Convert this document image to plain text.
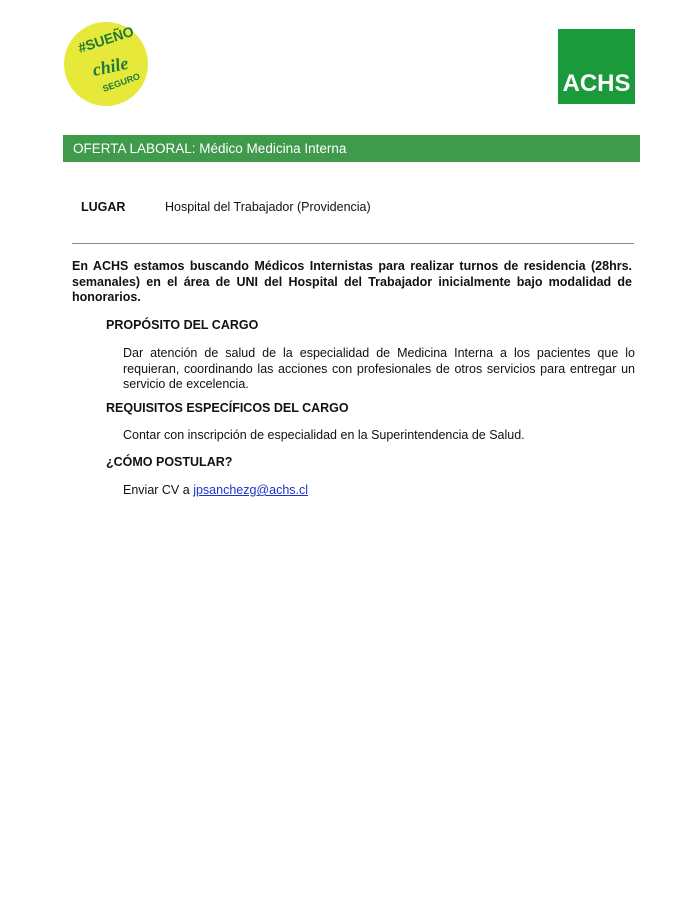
#SUEÑO
chile
SEGURO	ACHS
OFERTA LABORAL: Médico Medicina Interna
LUGAR	Hospital del Trabajador (Providencia)
En ACHS estamos buscando Médicos Internistas para realizar turnos de residencia (28hrs. semanales) en el área de UNI del Hospital del Trabajador inicialmente bajo modalidad de honorarios.
PROPÓSITO DEL CARGO
Dar atención de salud de la especialidad de Medicina Interna a los pacientes que lo requieran, coordinando las acciones con profesionales de otros servicios para entregar un servicio de excelencia.
REQUISITOS ESPECÍFICOS DEL CARGO
Contar con inscripción de especialidad en la Superintendencia de Salud.
¿CÓMO POSTULAR?
Enviar CV a jpsanchezg@achs.cl
